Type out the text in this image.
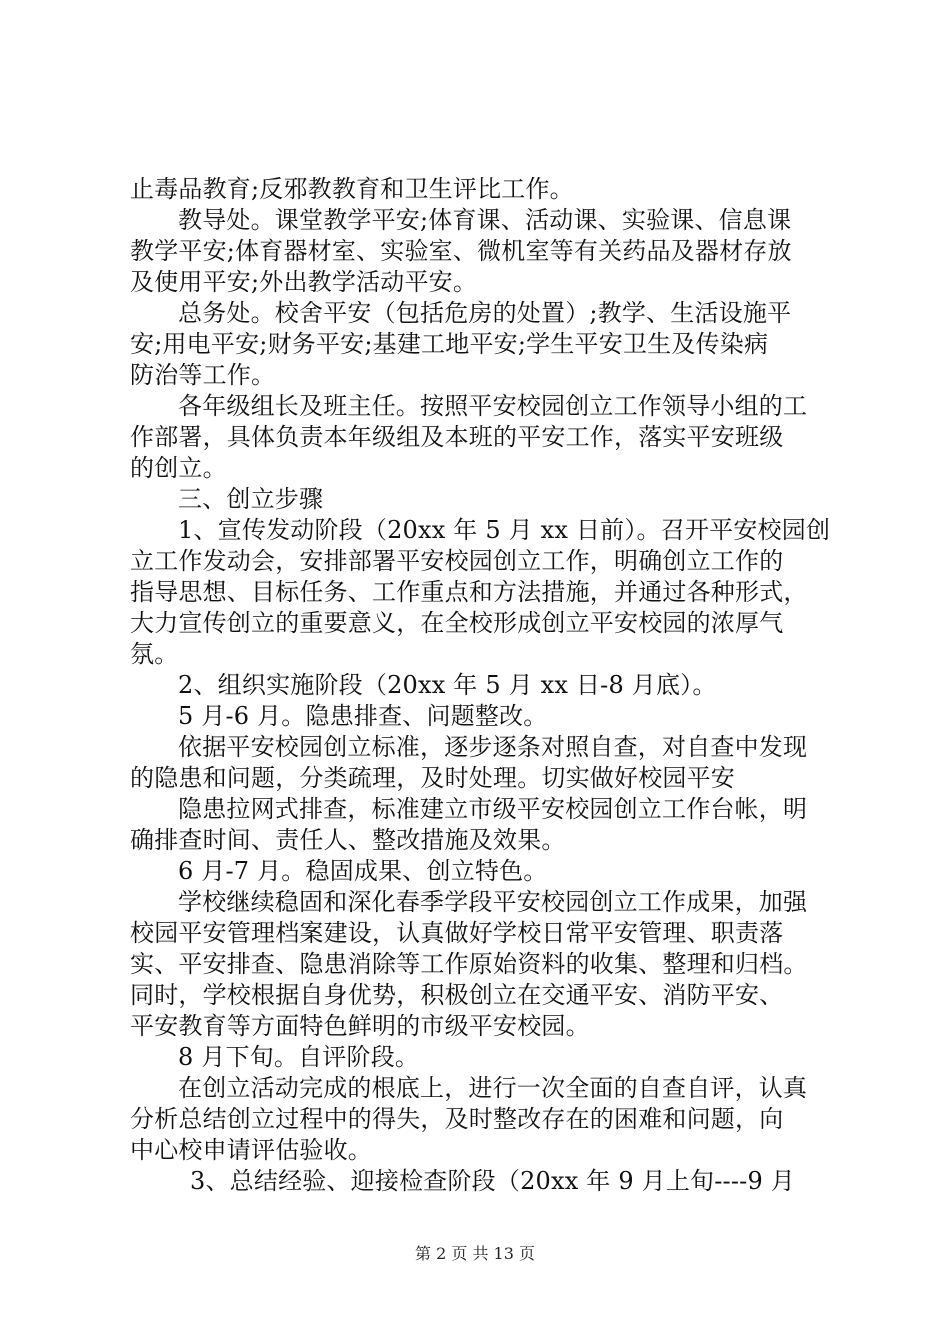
止毒品教育;反邪教教育和卫生评比工作。
教导处。课堂教学平安;体育课、活动课、实验课、信息课
教学平安;体育器材室、实验室、微机室等有关药品及器材存放
及使用平安;外出教学活动平安。
总务处。校舍平安（包括危房的处置）;教学、生活设施平
安;用电平安;财务平安;基建工地平安;学生平安卫生及传染病
防治等工作。
各年级组长及班主任。按照平安校园创立工作领导小组的工
作部署，具体负责本年级组及本班的平安工作，落实平安班级
的创立。
三、创立步骤
1、宣传发动阶段（20xx 年 5 月 xx 日前）。召开平安校园创
立工作发动会，安排部署平安校园创立工作，明确创立工作的
指导思想、目标任务、工作重点和方法措施，并通过各种形式，
大力宣传创立的重要意义，在全校形成创立平安校园的浓厚气
氛。
2、组织实施阶段（20xx 年 5 月 xx 日-8 月底）。
5 月-6 月。隐患排查、问题整改。
依据平安校园创立标准，逐步逐条对照自查，对自查中发现
的隐患和问题，分类疏理，及时处理。切实做好校园平安
隐患拉网式排查，标准建立市级平安校园创立工作台帐，明
确排查时间、责任人、整改措施及效果。
6 月-7 月。稳固成果、创立特色。
学校继续稳固和深化春季学段平安校园创立工作成果，加强
校园平安管理档案建设，认真做好学校日常平安管理、职责落
实、平安排查、隐患消除等工作原始资料的收集、整理和归档。
同时，学校根据自身优势，积极创立在交通平安、消防平安、
平安教育等方面特色鲜明的市级平安校园。
8 月下旬。自评阶段。
在创立活动完成的根底上，进行一次全面的自查自评，认真
分析总结创立过程中的得失，及时整改存在的困难和问题，向
中心校申请评估验收。
3、总结经验、迎接检查阶段（20xx 年 9 月上旬----9 月
第 2 页 共 13 页
